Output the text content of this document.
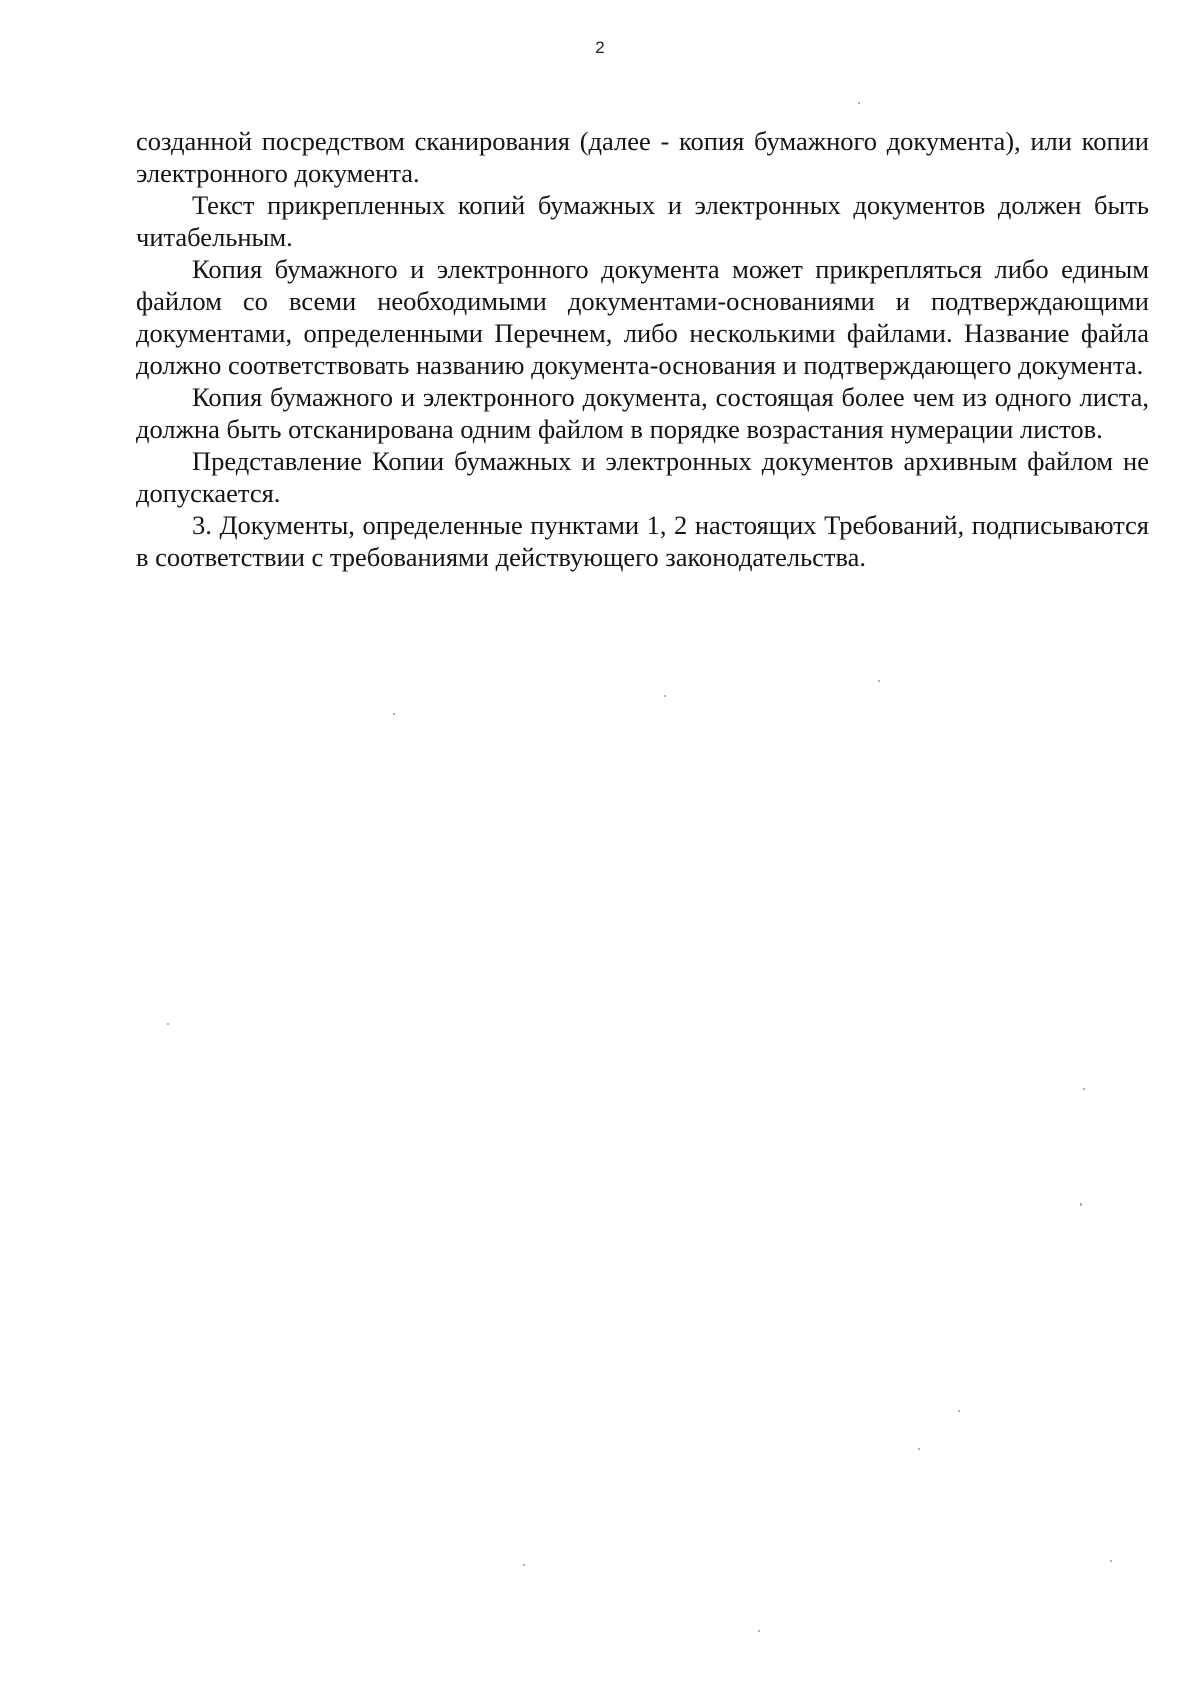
2

созданной посредством сканирования (далее - копия бумажного документа), или копии электронного документа.

Текст прикрепленных копий бумажных и электронных документов должен быть читабельным.

Копия бумажного и электронного документа может прикрепляться либо единым файлом со всеми необходимыми документами-основаниями и подтверждающими документами, определенными Перечнем, либо несколькими файлами. Название файла должно соответствовать названию документа-основания и подтверждающего документа.

Копия бумажного и электронного документа, состоящая более чем из одного листа, должна быть отсканирована одним файлом в порядке возрастания нумерации листов.

Представление Копии бумажных и электронных документов архивным файлом не допускается.

3. Документы, определенные пунктами 1, 2 настоящих Требований, подписываются в соответствии с требованиями действующего законодательства.
